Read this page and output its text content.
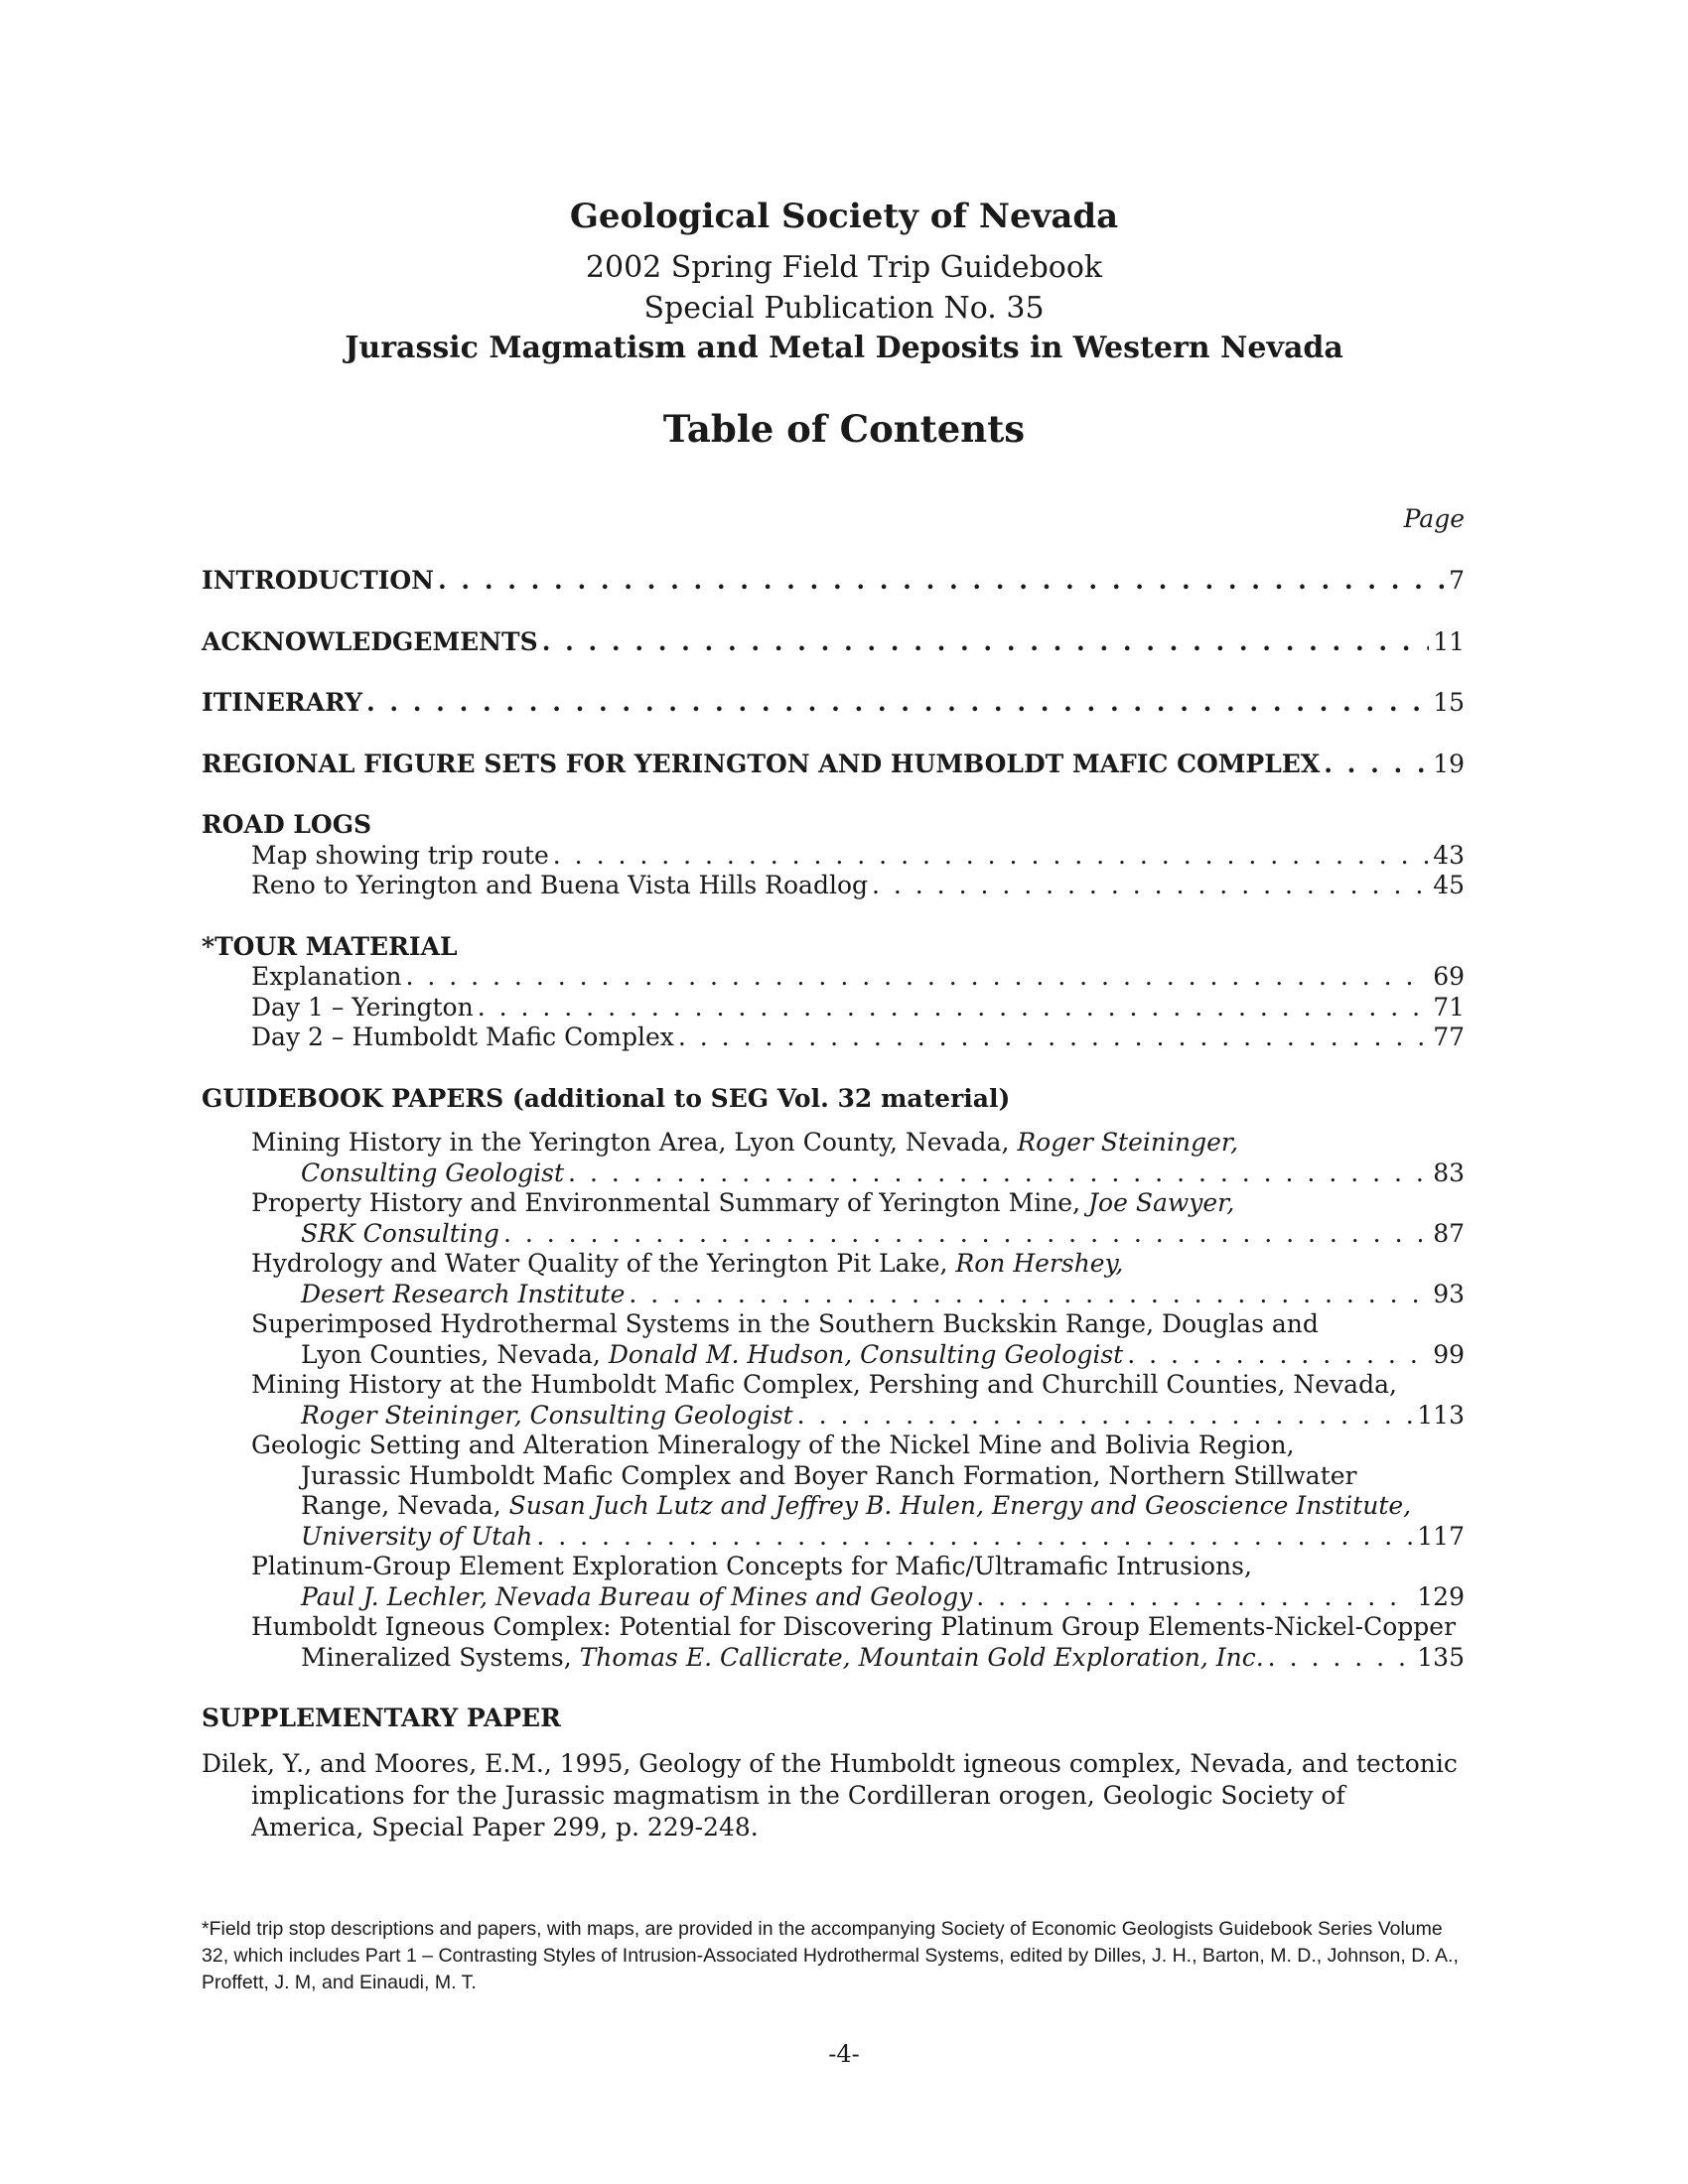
Geological Society of Nevada
2002 Spring Field Trip Guidebook
Special Publication No. 35
Jurassic Magmatism and Metal Deposits in Western Nevada
Table of Contents
Page
INTRODUCTION . . .	7
ACKNOWLEDGEMENTS . . .	11
ITINERARY . . .	15
REGIONAL FIGURE SETS FOR YERINGTON AND HUMBOLDT MAFIC COMPLEX . . .	19
ROAD LOGS
Map showing trip route . . .	43
Reno to Yerington and Buena Vista Hills Roadlog . . .	45
*TOUR MATERIAL
Explanation . . .	69
Day 1 – Yerington . . .	71
Day 2 – Humboldt Mafic Complex . . .	77
GUIDEBOOK PAPERS (additional to SEG Vol. 32 material)
Mining History in the Yerington Area, Lyon County, Nevada, Roger Steininger,
Consulting Geologist . . .	83
Property History and Environmental Summary of Yerington Mine, Joe Sawyer,
SRK Consulting . . .	87
Hydrology and Water Quality of the Yerington Pit Lake, Ron Hershey,
Desert Research Institute . . .	93
Superimposed Hydrothermal Systems in the Southern Buckskin Range, Douglas and
Lyon Counties, Nevada, Donald M. Hudson, Consulting Geologist . . .	99
Mining History at the Humboldt Mafic Complex, Pershing and Churchill Counties, Nevada,
Roger Steininger, Consulting Geologist . . .	113
Geologic Setting and Alteration Mineralogy of the Nickel Mine and Bolivia Region,
Jurassic Humboldt Mafic Complex and Boyer Ranch Formation, Northern Stillwater
Range, Nevada, Susan Juch Lutz and Jeffrey B. Hulen, Energy and Geoscience Institute,
University of Utah . . .	117
Platinum-Group Element Exploration Concepts for Mafic/Ultramafic Intrusions,
Paul J. Lechler, Nevada Bureau of Mines and Geology . . .	129
Humboldt Igneous Complex: Potential for Discovering Platinum Group Elements-Nickel-Copper
Mineralized Systems, Thomas E. Callicrate, Mountain Gold Exploration, Inc. . . .	135
SUPPLEMENTARY PAPER
Dilek, Y., and Moores, E.M., 1995, Geology of the Humboldt igneous complex, Nevada, and tectonic implications for the Jurassic magmatism in the Cordilleran orogen, Geologic Society of America, Special Paper 299, p. 229-248.
*Field trip stop descriptions and papers, with maps, are provided in the accompanying Society of Economic Geologists Guidebook Series Volume 32, which includes Part 1 – Contrasting Styles of Intrusion-Associated Hydrothermal Systems, edited by Dilles, J. H., Barton, M. D., Johnson, D. A., Proffett, J. M, and Einaudi, M. T.
-4-
